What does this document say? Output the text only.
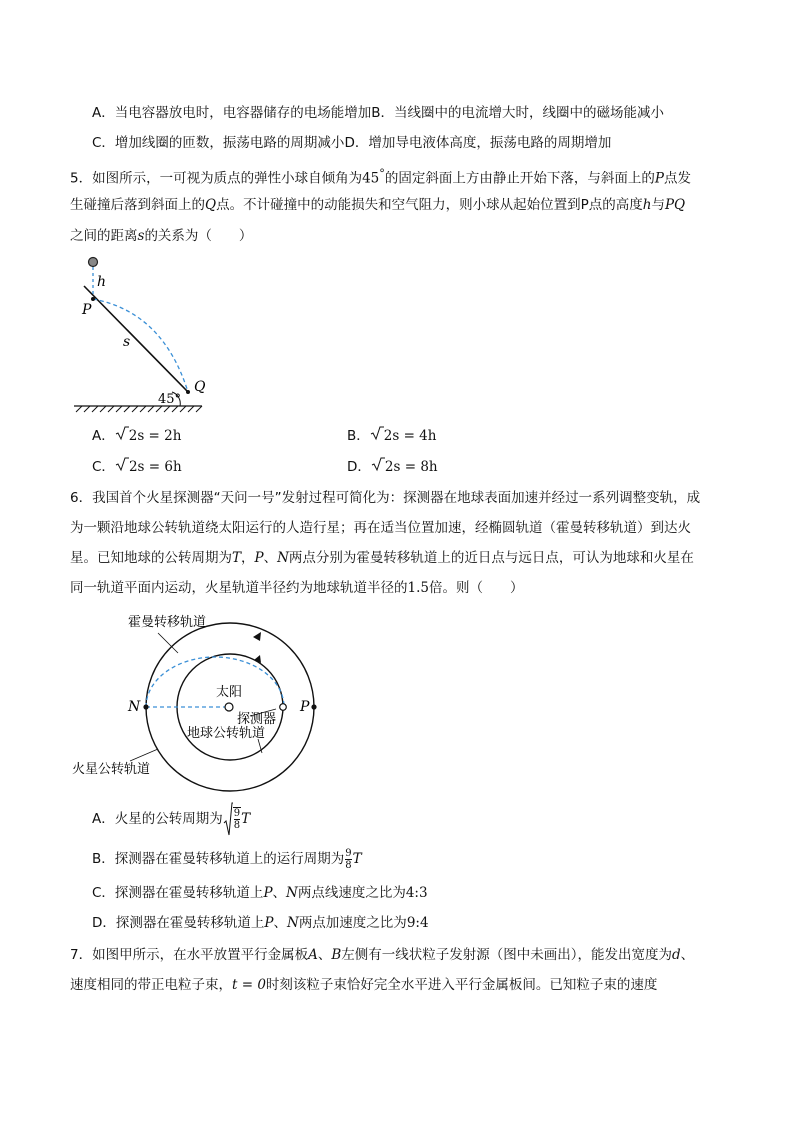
A．当电容器放电时，电容器储存的电场能增加B．当线圈中的电流增大时，线圈中的磁场能减小
C．增加线圈的匝数，振荡电路的周期减小D．增加导电液体高度，振荡电路的周期增加
5．如图所示，一可视为质点的弹性小球自倾角为45°的固定斜面上方由静止开始下落，与斜面上的P点发
生碰撞后落到斜面上的Q点。不计碰撞中的动能损失和空气阻力，则小球从起始位置到P点的高度h与PQ
之间的距离s的关系为（　　）
h
P
s
Q
45°
A． 2s = 2h	B． 2s = 4h
C． 2s = 6h	D． 2s = 8h
6．我国首个火星探测器“天问一号”发射过程可简化为：探测器在地球表面加速并经过一系列调整变轨，成
为一颗沿地球公转轨道绕太阳运行的人造行星；再在适当位置加速，经椭圆轨道（霍曼转移轨道）到达火
星。已知地球的公转周期为T，P、N两点分别为霍曼转移轨道上的近日点与远日点，可认为地球和火星在
同一轨道平面内运动，火星轨道半径约为地球轨道半径的1.5倍。则（　　）
霍曼转移轨道
太阳
探测器
地球公转轨道
火星公转轨道
N	P
A．火星的公转周期为 $\frac{9}{8}$ T
B．探测器在霍曼转移轨道上的运行周期为 $\frac{9}{8}$ T
C．探测器在霍曼转移轨道上P、N两点线速度之比为4:3
D．探测器在霍曼转移轨道上P、N两点加速度之比为9:4
7．如图甲所示，在水平放置平行金属板A、B左侧有一线状粒子发射源（图中未画出），能发出宽度为d、
速度相同的带正电粒子束，t = 0时刻该粒子束恰好完全水平进入平行金属板间。已知粒子束的速度
